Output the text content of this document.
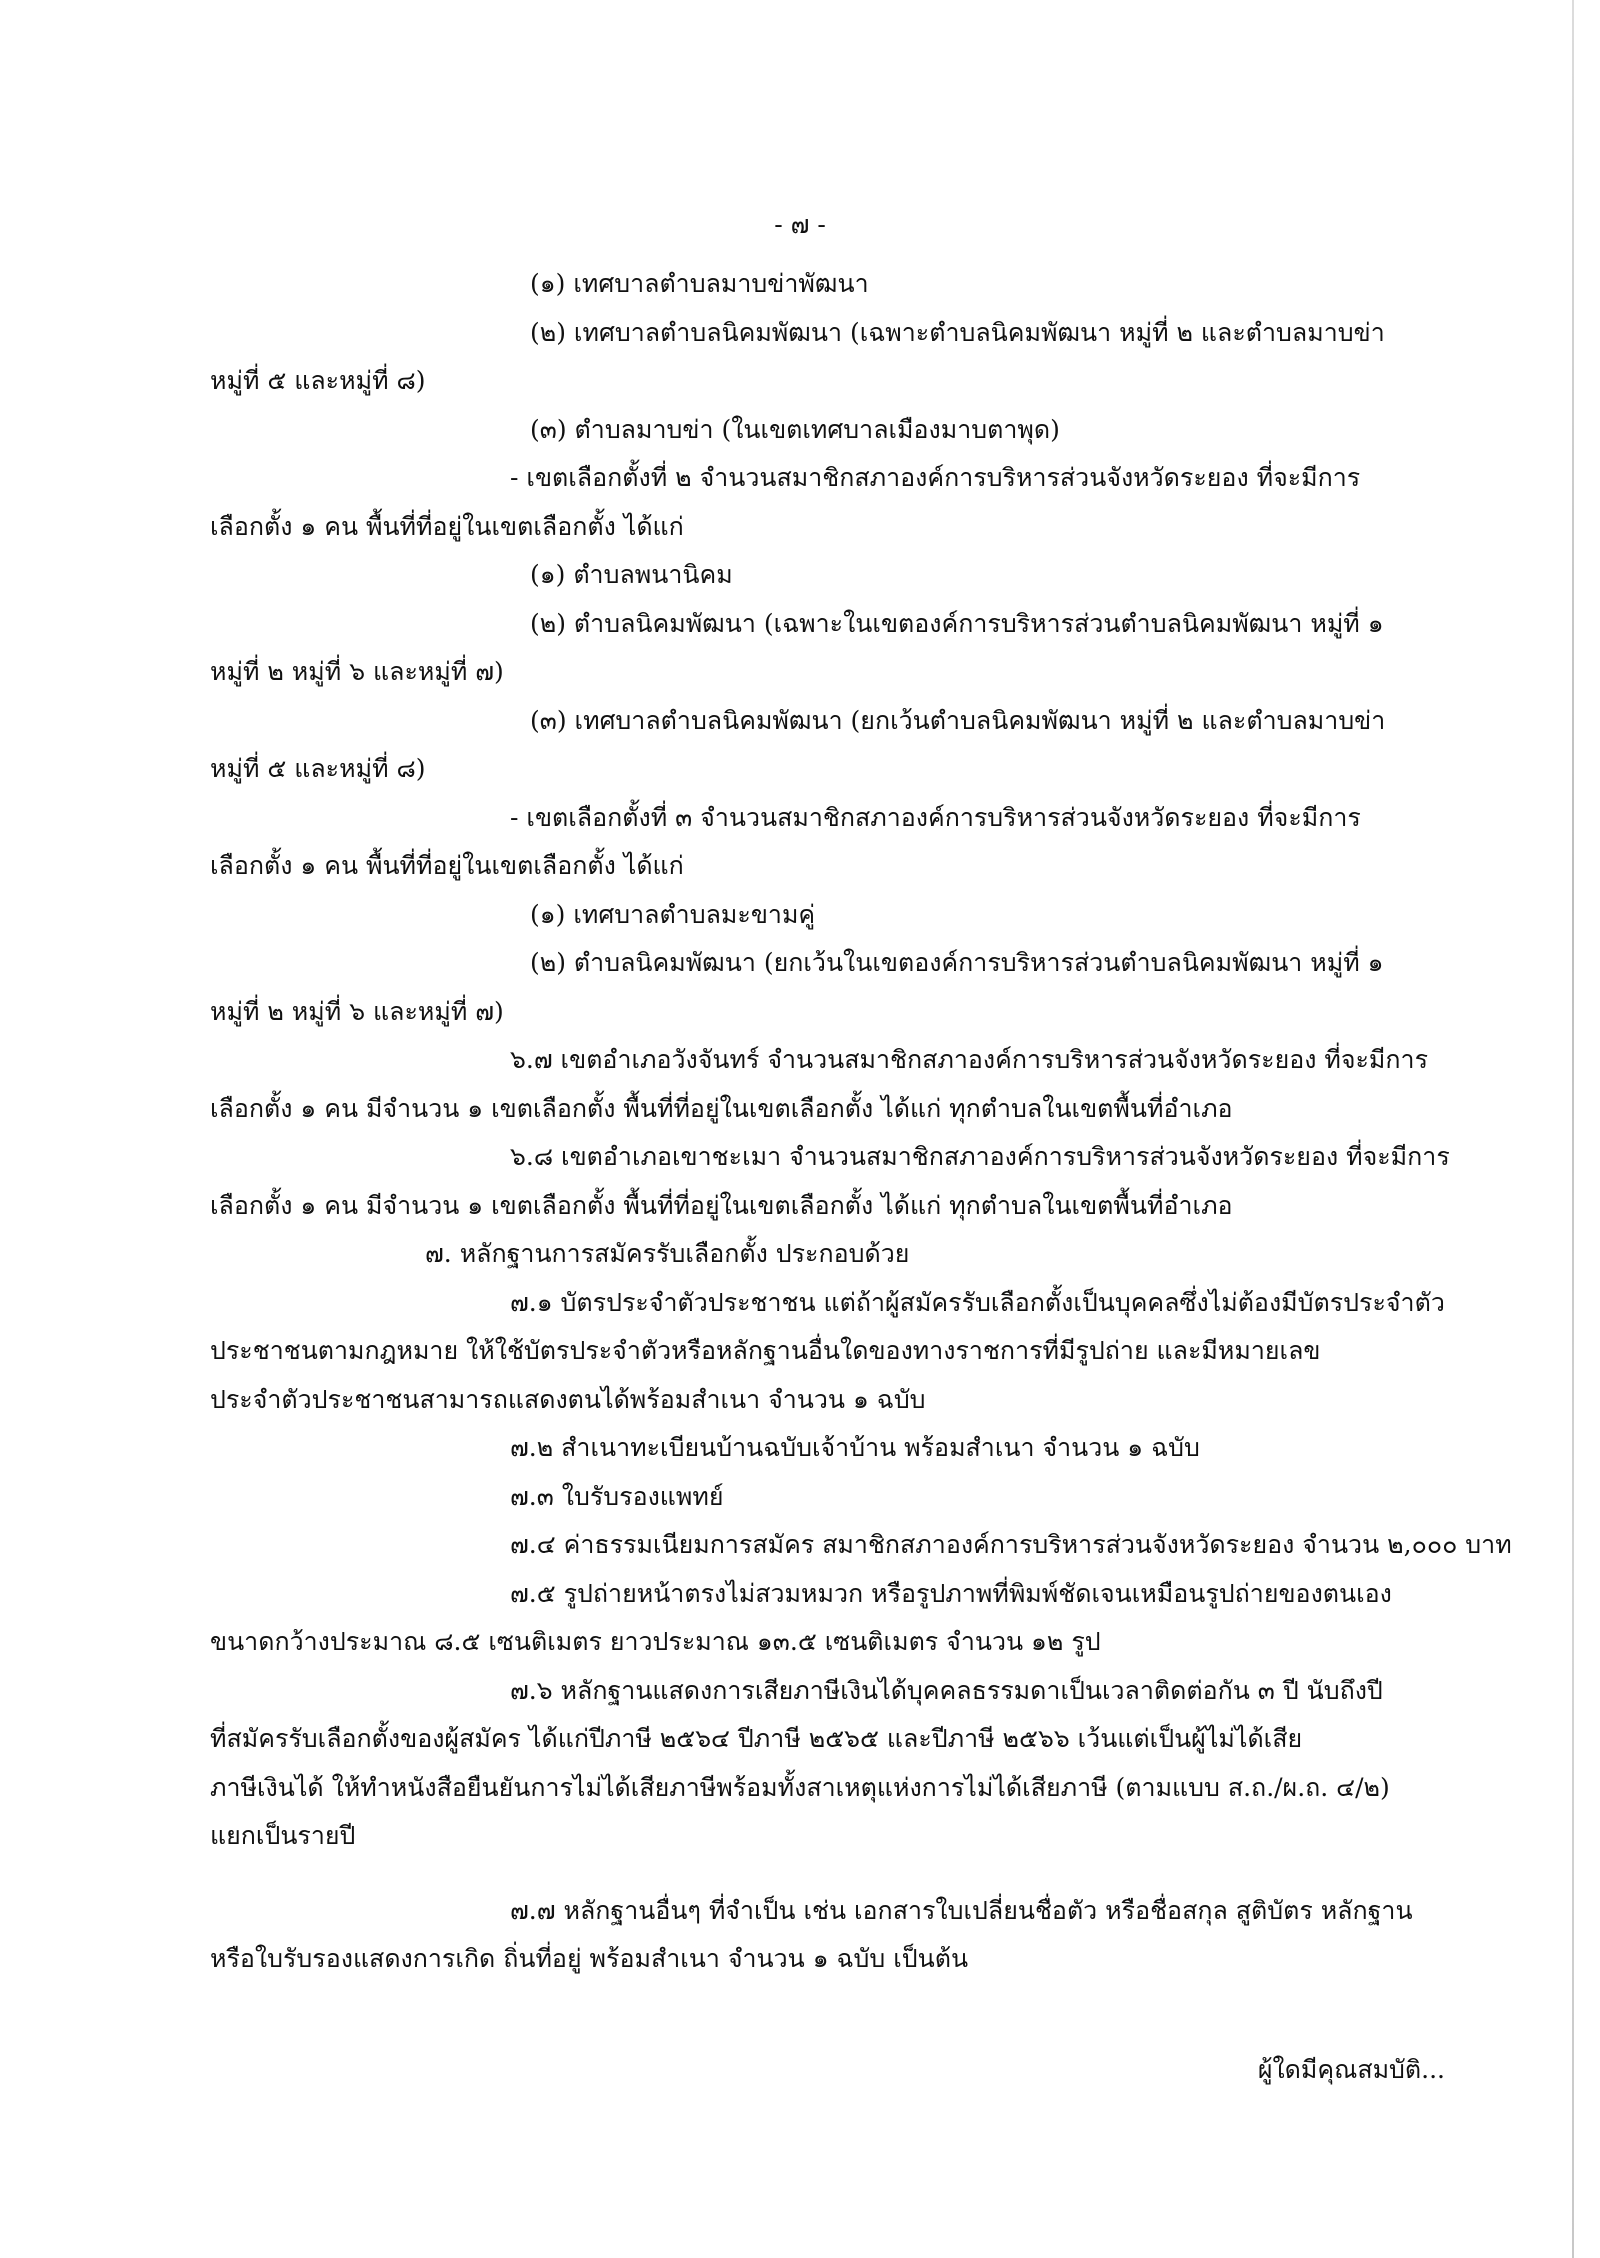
- ๗ -
(๑) เทศบาลตำบลมาบข่าพัฒนา
(๒) เทศบาลตำบลนิคมพัฒนา (เฉพาะตำบลนิคมพัฒนา หมู่ที่ ๒ และตำบลมาบข่า
หมู่ที่ ๕ และหมู่ที่ ๘)
(๓) ตำบลมาบข่า (ในเขตเทศบาลเมืองมาบตาพุด)
- เขตเลือกตั้งที่ ๒ จำนวนสมาชิกสภาองค์การบริหารส่วนจังหวัดระยอง ที่จะมีการ
เลือกตั้ง ๑ คน พื้นที่ที่อยู่ในเขตเลือกตั้ง ได้แก่
(๑) ตำบลพนานิคม
(๒) ตำบลนิคมพัฒนา (เฉพาะในเขตองค์การบริหารส่วนตำบลนิคมพัฒนา หมู่ที่ ๑
หมู่ที่ ๒ หมู่ที่ ๖ และหมู่ที่ ๗)
(๓) เทศบาลตำบลนิคมพัฒนา (ยกเว้นตำบลนิคมพัฒนา หมู่ที่ ๒ และตำบลมาบข่า
หมู่ที่ ๕ และหมู่ที่ ๘)
- เขตเลือกตั้งที่ ๓ จำนวนสมาชิกสภาองค์การบริหารส่วนจังหวัดระยอง ที่จะมีการ
เลือกตั้ง ๑ คน พื้นที่ที่อยู่ในเขตเลือกตั้ง ได้แก่
(๑) เทศบาลตำบลมะขามคู่
(๒) ตำบลนิคมพัฒนา (ยกเว้นในเขตองค์การบริหารส่วนตำบลนิคมพัฒนา หมู่ที่ ๑
หมู่ที่ ๒ หมู่ที่ ๖ และหมู่ที่ ๗)
๖.๗ เขตอำเภอวังจันทร์ จำนวนสมาชิกสภาองค์การบริหารส่วนจังหวัดระยอง ที่จะมีการ
เลือกตั้ง ๑ คน มีจำนวน ๑ เขตเลือกตั้ง พื้นที่ที่อยู่ในเขตเลือกตั้ง ได้แก่ ทุกตำบลในเขตพื้นที่อำเภอ
๖.๘ เขตอำเภอเขาชะเมา จำนวนสมาชิกสภาองค์การบริหารส่วนจังหวัดระยอง ที่จะมีการ
เลือกตั้ง ๑ คน มีจำนวน ๑ เขตเลือกตั้ง พื้นที่ที่อยู่ในเขตเลือกตั้ง ได้แก่ ทุกตำบลในเขตพื้นที่อำเภอ
๗. หลักฐานการสมัครรับเลือกตั้ง ประกอบด้วย
๗.๑ บัตรประจำตัวประชาชน แต่ถ้าผู้สมัครรับเลือกตั้งเป็นบุคคลซึ่งไม่ต้องมีบัตรประจำตัว
ประชาชนตามกฎหมาย ให้ใช้บัตรประจำตัวหรือหลักฐานอื่นใดของทางราชการที่มีรูปถ่าย และมีหมายเลข
ประจำตัวประชาชนสามารถแสดงตนได้พร้อมสำเนา จำนวน ๑ ฉบับ
๗.๒ สำเนาทะเบียนบ้านฉบับเจ้าบ้าน พร้อมสำเนา จำนวน ๑ ฉบับ
๗.๓ ใบรับรองแพทย์
๗.๔ ค่าธรรมเนียมการสมัคร สมาชิกสภาองค์การบริหารส่วนจังหวัดระยอง จำนวน ๒,๐๐๐ บาท
๗.๕ รูปถ่ายหน้าตรงไม่สวมหมวก หรือรูปภาพที่พิมพ์ชัดเจนเหมือนรูปถ่ายของตนเอง
ขนาดกว้างประมาณ ๘.๕ เซนติเมตร ยาวประมาณ ๑๓.๕ เซนติเมตร จำนวน ๑๒ รูป
๗.๖ หลักฐานแสดงการเสียภาษีเงินได้บุคคลธรรมดาเป็นเวลาติดต่อกัน ๓ ปี นับถึงปี
ที่สมัครรับเลือกตั้งของผู้สมัคร ได้แก่ปีภาษี ๒๕๖๔ ปีภาษี ๒๕๖๕ และปีภาษี ๒๕๖๖ เว้นแต่เป็นผู้ไม่ได้เสีย
ภาษีเงินได้ ให้ทำหนังสือยืนยันการไม่ได้เสียภาษีพร้อมทั้งสาเหตุแห่งการไม่ได้เสียภาษี (ตามแบบ ส.ถ./ผ.ถ. ๔/๒)
แยกเป็นรายปี
๗.๗ หลักฐานอื่นๆ ที่จำเป็น เช่น เอกสารใบเปลี่ยนชื่อตัว หรือชื่อสกุล สูติบัตร หลักฐาน
หรือใบรับรองแสดงการเกิด ถิ่นที่อยู่ พร้อมสำเนา จำนวน ๑ ฉบับ เป็นต้น
ผู้ใดมีคุณสมบัติ...
